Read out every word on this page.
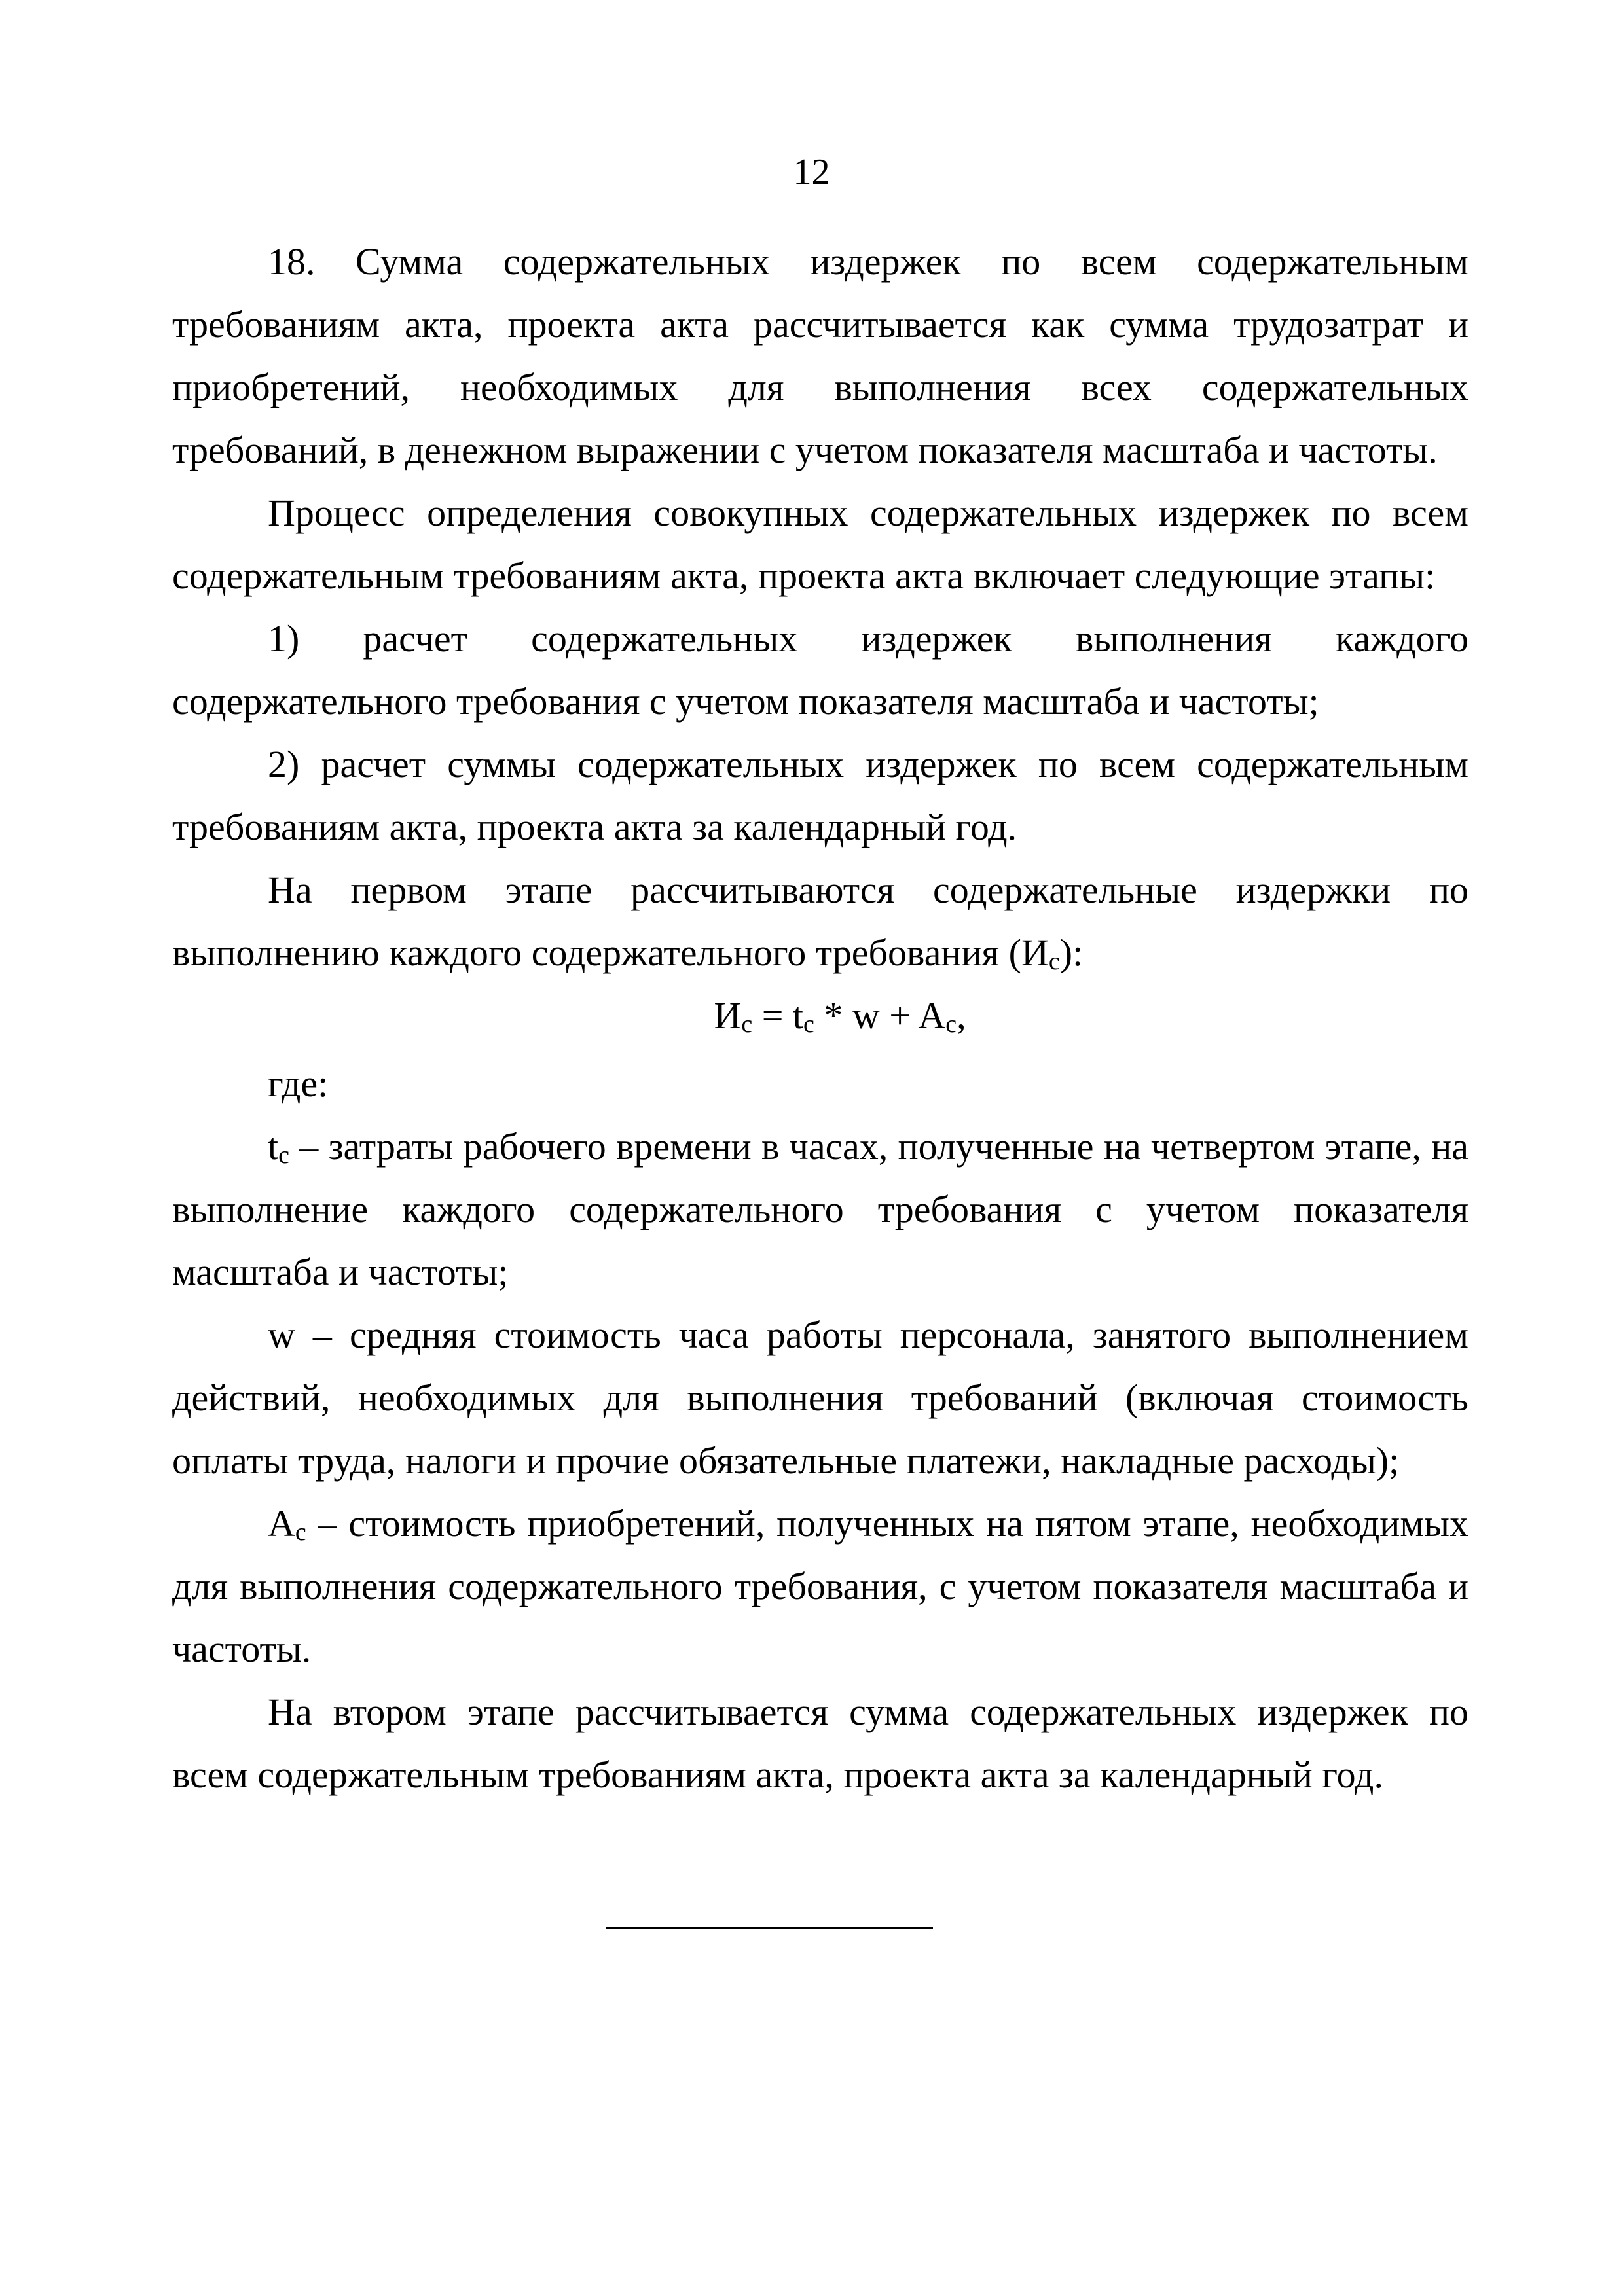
12

18. Сумма содержательных издержек по всем содержательным требованиям акта, проекта акта рассчитывается как сумма трудозатрат и приобретений, необходимых для выполнения всех содержательных требований, в денежном выражении с учетом показателя масштаба и частоты.

Процесс определения совокупных содержательных издержек по всем содержательным требованиям акта, проекта акта включает следующие этапы:

1) расчет содержательных издержек выполнения каждого содержательного требования с учетом показателя масштаба и частоты;

2) расчет суммы содержательных издержек по всем содержательным требованиям акта, проекта акта за календарный год.

На первом этапе рассчитываются содержательные издержки по выполнению каждого содержательного требования $(И_с)$:

$И_с = t_с * w + A_с$,

где:

$t_с$ – затраты рабочего времени в часах, полученные на четвертом этапе, на выполнение каждого содержательного требования с учетом показателя масштаба и частоты;

w – средняя стоимость часа работы персонала, занятого выполнением действий, необходимых для выполнения требований (включая стоимость оплаты труда, налоги и прочие обязательные платежи, накладные расходы);

$А_с$ – стоимость приобретений, полученных на пятом этапе, необходимых для выполнения содержательного требования, с учетом показателя масштаба и частоты.

На втором этапе рассчитывается сумма содержательных издержек по всем содержательным требованиям акта, проекта акта за календарный год.
